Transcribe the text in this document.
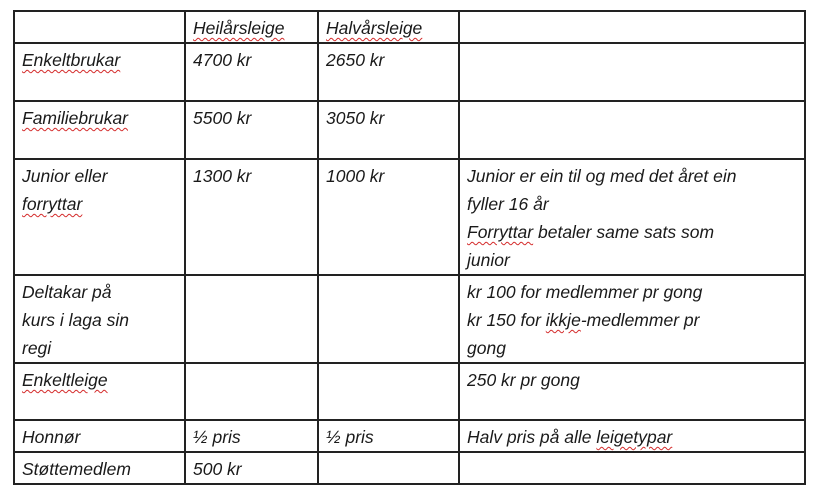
	Heilårsleige	Halvårsleige	
Enkeltbrukar	4700 kr	2650 kr	
Familiebrukar	5500 kr	3050 kr	

Junior eller
forryttar	1300 kr	1000 kr	Junior er ein til og med det året ein
fyller 16 år
Forryttar betaler same sats som
junior

Deltakar på
kurs i laga sin
regi			kr 100 for medlemmer pr gong
kr 150 for ikkje-medlemmer pr
gong

Enkeltleige			250 kr pr gong

Honnør	½ pris	½ pris	Halv pris på alle leigetypar

Støttemedlem	500 kr		
